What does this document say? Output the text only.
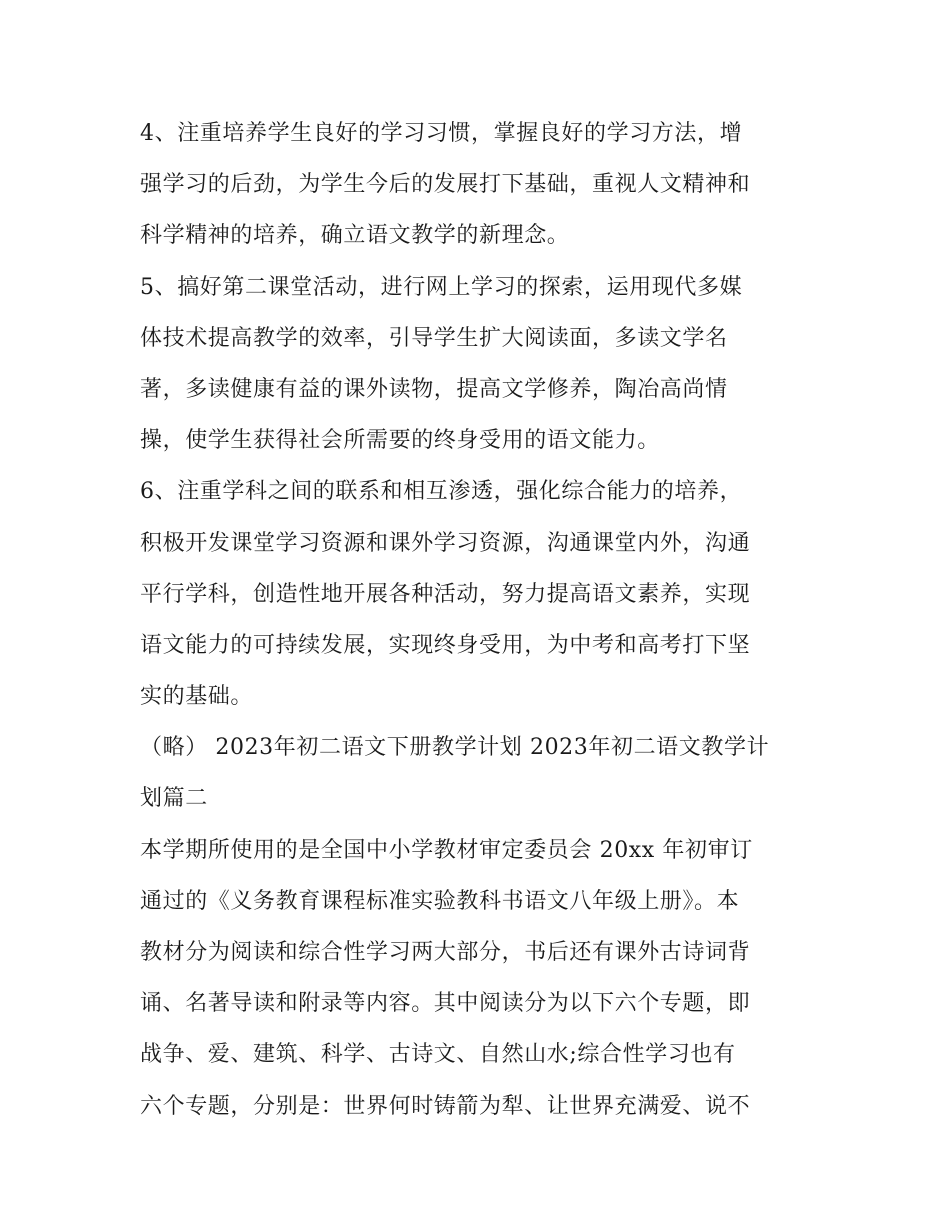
4、注重培养学生良好的学习习惯，掌握良好的学习方法，增
强学习的后劲，为学生今后的发展打下基础，重视人文精神和
科学精神的培养，确立语文教学的新理念。
5、搞好第二课堂活动，进行网上学习的探索，运用现代多媒
体技术提高教学的效率，引导学生扩大阅读面，多读文学名
著，多读健康有益的课外读物，提高文学修养，陶冶高尚情
操，使学生获得社会所需要的终身受用的语文能力。
6、注重学科之间的联系和相互渗透，强化综合能力的培养，
积极开发课堂学习资源和课外学习资源，沟通课堂内外，沟通
平行学科，创造性地开展各种活动，努力提高语文素养，实现
语文能力的可持续发展，实现终身受用，为中考和高考打下坚
实的基础。
（略） 2023年初二语文下册教学计划 2023年初二语文教学计
划篇二
本学期所使用的是全国中小学教材审定委员会 20xx 年初审订
通过的《义务教育课程标准实验教科书语文八年级上册》。本
教材分为阅读和综合性学习两大部分，书后还有课外古诗词背
诵、名著导读和附录等内容。其中阅读分为以下六个专题，即
战争、爱、建筑、科学、古诗文、自然山水;综合性学习也有
六个专题，分别是：世界何时铸箭为犁、让世界充满爱、说不
